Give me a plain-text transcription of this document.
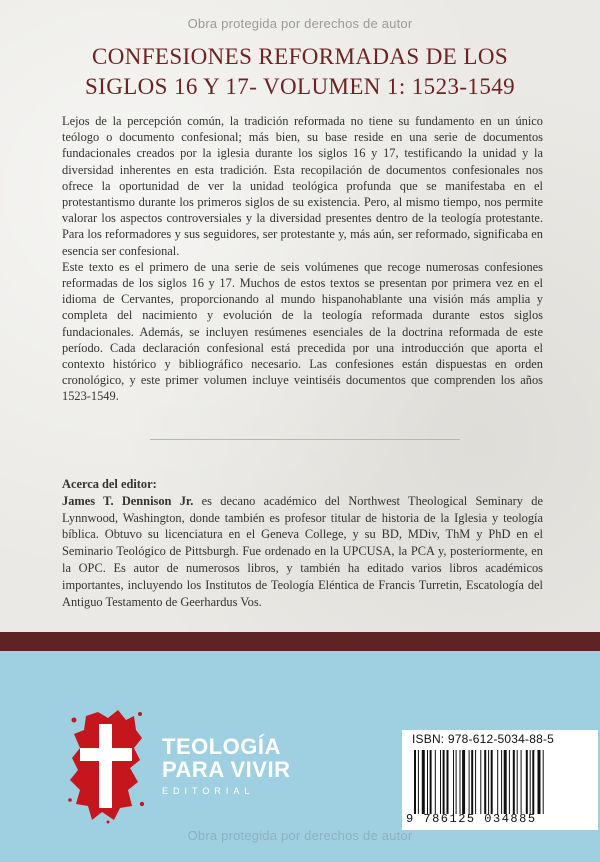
Obra protegida por derechos de autor
CONFESIONES REFORMADAS DE LOS
SIGLOS 16 Y 17- VOLUMEN 1: 1523-1549

Lejos de la percepción común, la tradición reformada no tiene su fundamento en un único teólogo o documento confesional; más bien, su base reside en una serie de documentos fundacionales creados por la iglesia durante los siglos 16 y 17, testificando la unidad y la diversidad inherentes en esta tradición. Esta recopilación de documentos confesionales nos ofrece la oportunidad de ver la unidad teológica profunda que se manifestaba en el protestantismo durante los primeros siglos de su existencia. Pero, al mismo tiempo, nos permite valorar los aspectos controversiales y la diversidad presentes dentro de la teología protestante. Para los reformadores y sus seguidores, ser protestante y, más aún, ser reformado, significaba en esencia ser confesional.

Este texto es el primero de una serie de seis volúmenes que recoge numerosas confesiones reformadas de los siglos 16 y 17. Muchos de estos textos se presentan por primera vez en el idioma de Cervantes, proporcionando al mundo hispanohablante una visión más amplia y completa del nacimiento y evolución de la teología reformada durante estos siglos fundacionales. Además, se incluyen resúmenes esenciales de la doctrina reformada de este período. Cada declaración confesional está precedida por una introducción que aporta el contexto histórico y bibliográfico necesario. Las confesiones están dispuestas en orden cronológico, y este primer volumen incluye veintiséis documentos que comprenden los años 1523-1549.

Acerca del editor:
James T. Dennison Jr. es decano académico del Northwest Theological Seminary de Lynnwood, Washington, donde también es profesor titular de historia de la Iglesia y teología bíblica. Obtuvo su licenciatura en el Geneva College, y su BD, MDiv, ThM y PhD en el Seminario Teológico de Pittsburgh. Fue ordenado en la UPCUSA, la PCA y, posteriormente, en la OPC. Es autor de numerosos libros, y también ha editado varios libros académicos importantes, incluyendo los Institutos de Teología Eléntica de Francis Turretin, Escatología del Antiguo Testamento de Geerhardus Vos.
TEOLOGÍA
PARA VIVIR
EDITORIAL
ISBN: 978-612-5034-88-5
9 786125 034885
Obra protegida por derechos de autor
